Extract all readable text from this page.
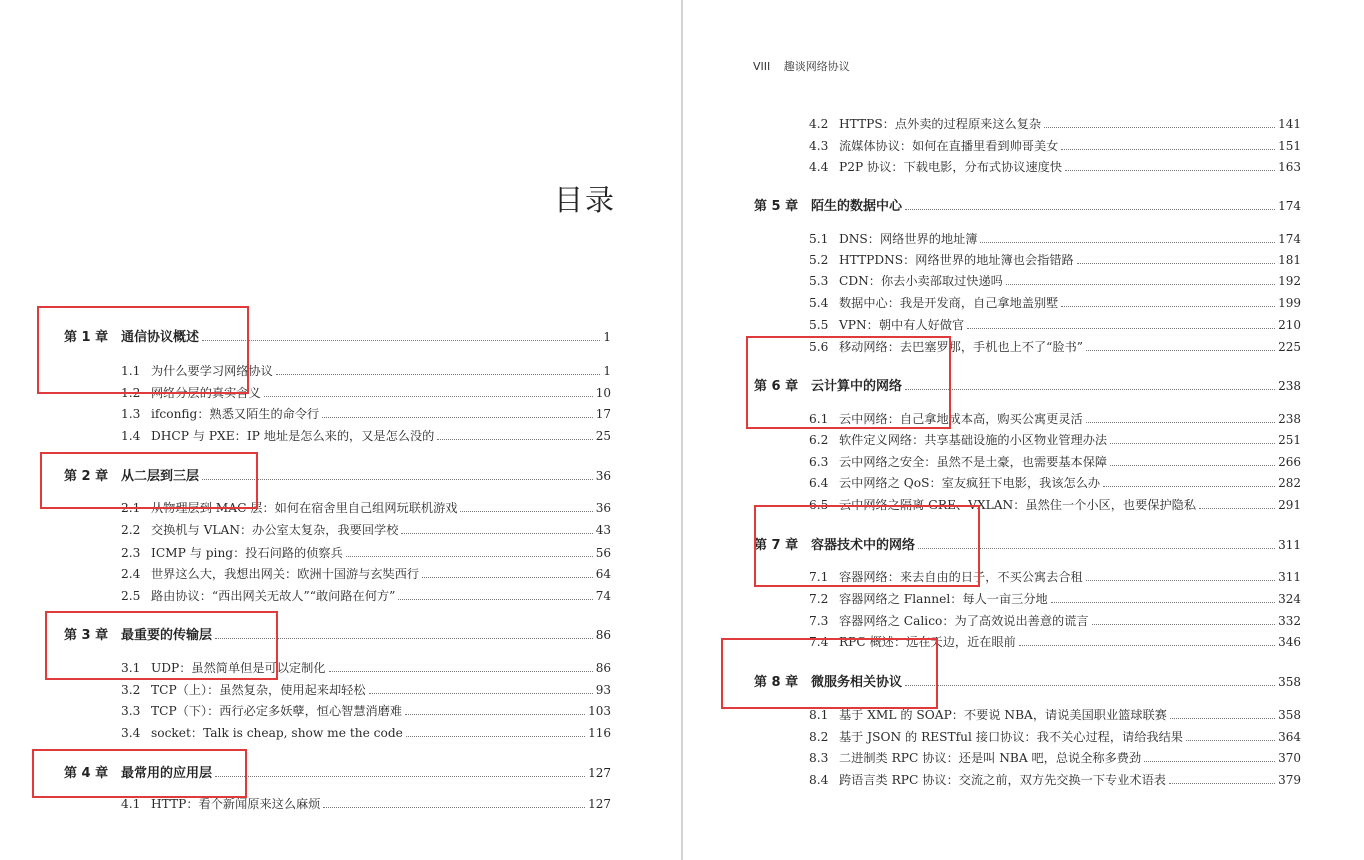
目录
第 1 章 通信协议概述	1
1.1 为什么要学习网络协议	1
1.2 网络分层的真实含义	10
1.3 ifconfig：熟悉又陌生的命令行	17
1.4 DHCP 与 PXE：IP 地址是怎么来的，又是怎么没的	25
第 2 章 从二层到三层	36
2.1 从物理层到 MAC 层：如何在宿舍里自己组网玩联机游戏	36
2.2 交换机与 VLAN：办公室太复杂，我要回学校	43
2.3 ICMP 与 ping：投石问路的侦察兵	56
2.4 世界这么大，我想出网关：欧洲十国游与玄奘西行	64
2.5 路由协议：“西出网关无故人”“敢问路在何方”	74
第 3 章 最重要的传输层	86
3.1 UDP：虽然简单但是可以定制化	86
3.2 TCP（上）：虽然复杂，使用起来却轻松	93
3.3 TCP（下）：西行必定多妖孽，恒心智慧消磨难	103
3.4 socket：Talk is cheap, show me the code	116
第 4 章 最常用的应用层	127
4.1 HTTP：看个新闻原来这么麻烦	127
VIII 趣谈网络协议
4.2 HTTPS：点外卖的过程原来这么复杂	141
4.3 流媒体协议：如何在直播里看到帅哥美女	151
4.4 P2P 协议：下载电影，分布式协议速度快	163
第 5 章 陌生的数据中心	174
5.1 DNS：网络世界的地址簿	174
5.2 HTTPDNS：网络世界的地址簿也会指错路	181
5.3 CDN：你去小卖部取过快递吗	192
5.4 数据中心：我是开发商，自己拿地盖别墅	199
5.5 VPN：朝中有人好做官	210
5.6 移动网络：去巴塞罗那，手机也上不了“脸书”	225
第 6 章 云计算中的网络	238
6.1 云中网络：自己拿地成本高，购买公寓更灵活	238
6.2 软件定义网络：共享基础设施的小区物业管理办法	251
6.3 云中网络之安全：虽然不是土豪，也需要基本保障	266
6.4 云中网络之 QoS：室友疯狂下电影，我该怎么办	282
6.5 云中网络之隔离 GRE、VXLAN：虽然住一个小区，也要保护隐私	291
第 7 章 容器技术中的网络	311
7.1 容器网络：来去自由的日子，不买公寓去合租	311
7.2 容器网络之 Flannel：每人一亩三分地	324
7.3 容器网络之 Calico：为了高效说出善意的谎言	332
7.4 RPC 概述：远在天边，近在眼前	346
第 8 章 微服务相关协议	358
8.1 基于 XML 的 SOAP：不要说 NBA，请说美国职业篮球联赛	358
8.2 基于 JSON 的 RESTful 接口协议：我不关心过程，请给我结果	364
8.3 二进制类 RPC 协议：还是叫 NBA 吧，总说全称多费劲	370
8.4 跨语言类 RPC 协议：交流之前，双方先交换一下专业术语表	379
